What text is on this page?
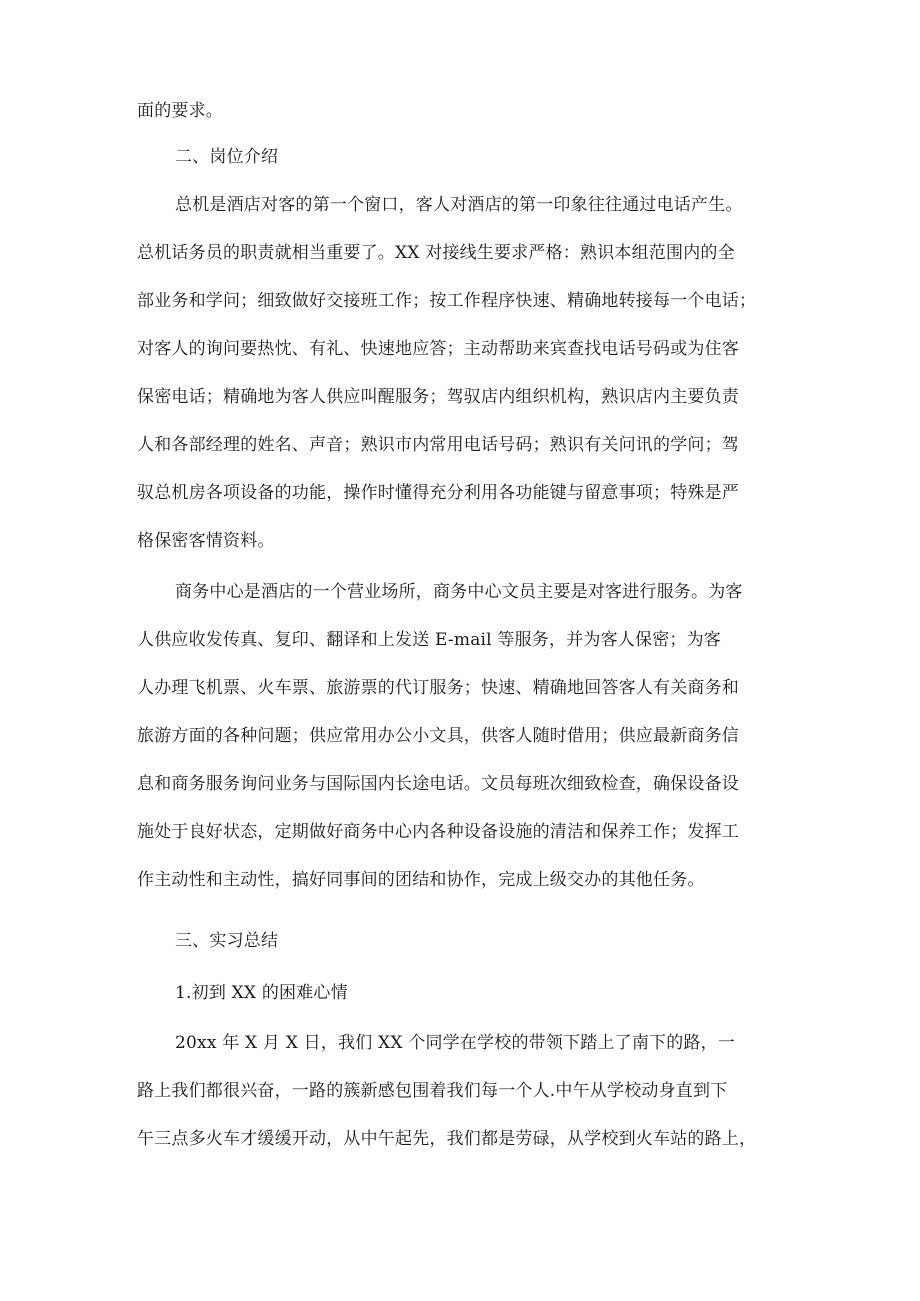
面的要求。
二、岗位介绍
总机是酒店对客的第一个窗口，客人对酒店的第一印象往往通过电话产生。
总机话务员的职责就相当重要了。XX 对接线生要求严格：熟识本组范围内的全
部业务和学问；细致做好交接班工作；按工作程序快速、精确地转接每一个电话；
对客人的询问要热忱、有礼、快速地应答；主动帮助来宾查找电话号码或为住客
保密电话；精确地为客人供应叫醒服务；驾驭店内组织机构，熟识店内主要负责
人和各部经理的姓名、声音；熟识市内常用电话号码；熟识有关问讯的学问；驾
驭总机房各项设备的功能，操作时懂得充分利用各功能键与留意事项；特殊是严
格保密客情资料。
商务中心是酒店的一个营业场所，商务中心文员主要是对客进行服务。为客
人供应收发传真、复印、翻译和上发送 E-mail 等服务，并为客人保密；为客
人办理飞机票、火车票、旅游票的代订服务；快速、精确地回答客人有关商务和
旅游方面的各种问题；供应常用办公小文具，供客人随时借用；供应最新商务信
息和商务服务询问业务与国际国内长途电话。文员每班次细致检查，确保设备设
施处于良好状态，定期做好商务中心内各种设备设施的清洁和保养工作；发挥工
作主动性和主动性，搞好同事间的团结和协作，完成上级交办的其他任务。
三、实习总结
1.初到 XX 的困难心情
20xx 年 X 月 X 日，我们 XX 个同学在学校的带领下踏上了南下的路，一
路上我们都很兴奋，一路的簇新感包围着我们每一个人.中午从学校动身直到下
午三点多火车才缓缓开动，从中午起先，我们都是劳碌，从学校到火车站的路上，
